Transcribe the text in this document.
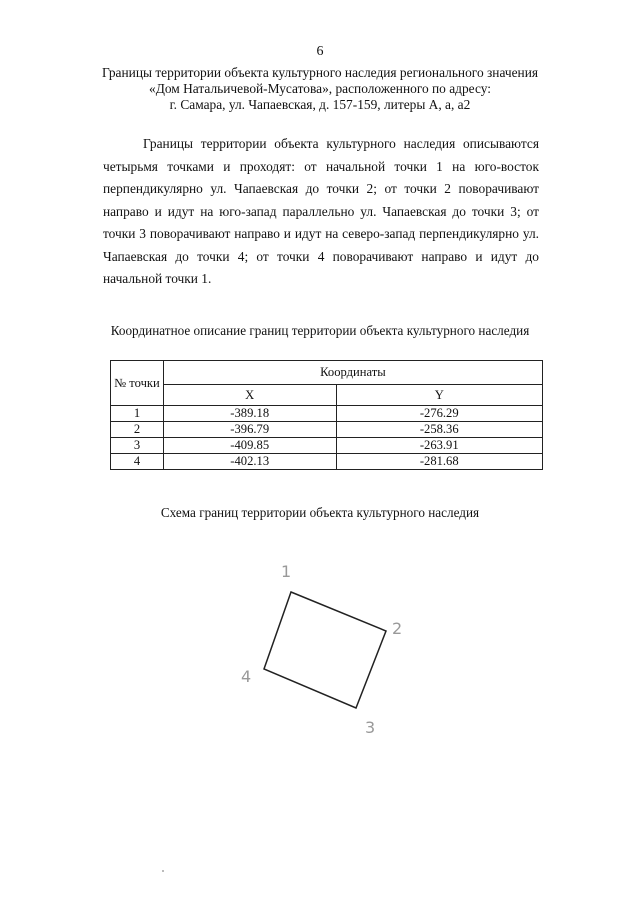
6
Границы территории объекта культурного наследия регионального значения
«Дом Натальичевой-Мусатова», расположенного по адресу:
г. Самара, ул. Чапаевская, д. 157-159, литеры А, а, а2

Границы территории объекта культурного наследия описываются четырьмя точками и проходят: от начальной точки 1 на юго-восток перпендикулярно ул. Чапаевская до точки 2; от точки 2 поворачивают направо и идут на юго-запад параллельно ул. Чапаевская до точки 3; от точки 3 поворачивают направо и идут на северо-запад перпендикулярно ул. Чапаевская до точки 4; от точки 4 поворачивают направо и идут до начальной точки 1.

Координатное описание границ территории объекта культурного наследия
№ точки	Координаты	
	X	Y
1	-389.18	-276.29
2	-396.79	-258.36
3	-409.85	-263.91
4	-402.13	-281.68
Схема границ территории объекта культурного наследия
1
2
3
4
